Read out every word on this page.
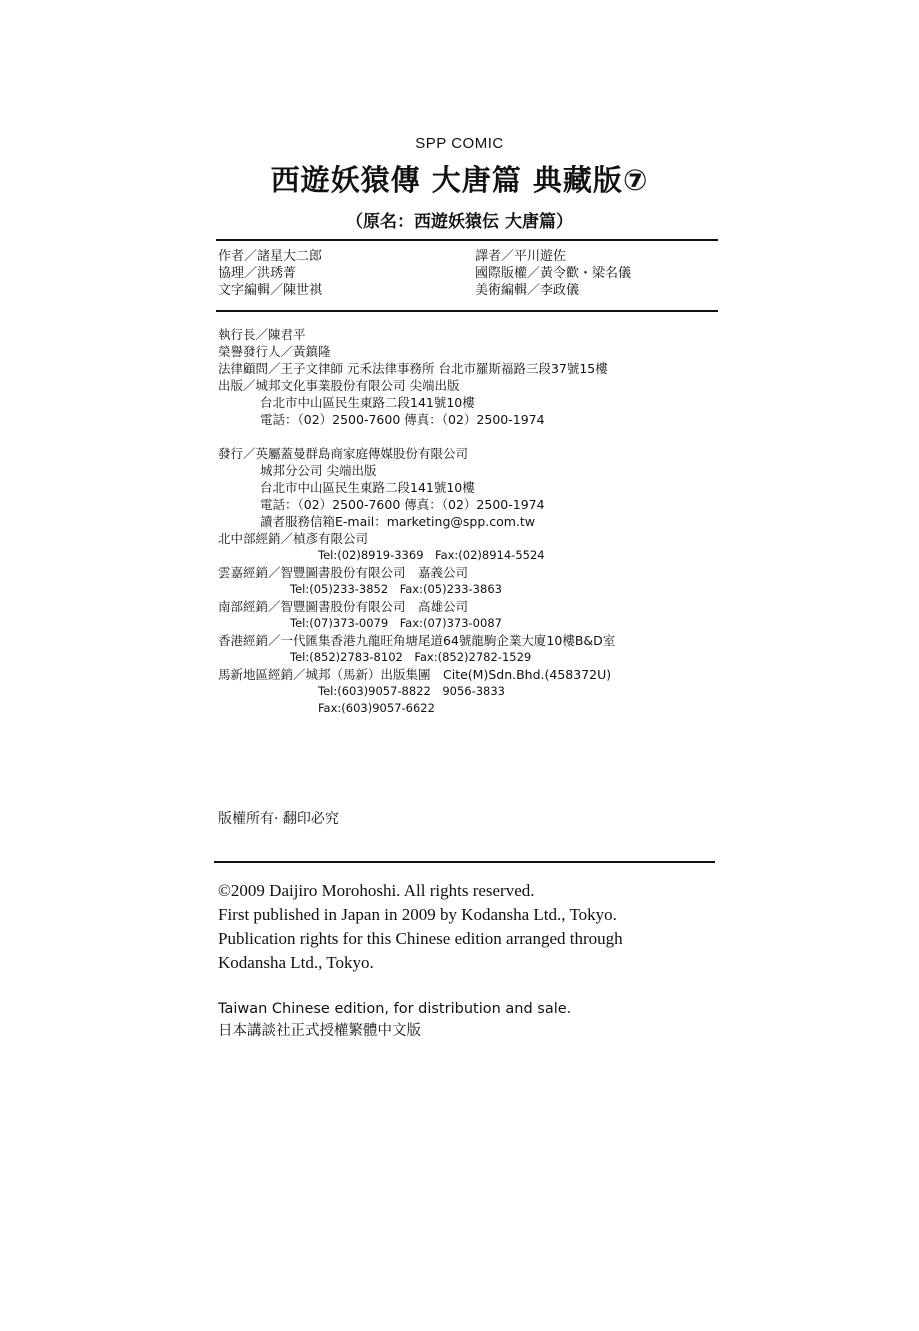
SPP COMIC
西遊妖猿傳 大唐篇 典藏版⑦
（原名：西遊妖猿伝 大唐篇）
作者／諸星大二郎	譯者／平川遊佐
協理／洪琇菁	國際版權／黃令歡・梁名儀
文字編輯／陳世祺	美術編輯／李政儀
執行長／陳君平
榮譽發行人／黃鎮隆
法律顧問／王子文律師 元禾法律事務所 台北市羅斯福路三段37號15樓
出版／城邦文化事業股份有限公司 尖端出版
台北市中山區民生東路二段141號10樓
電話：（02）2500-7600 傳真：（02）2500-1974
發行／英屬蓋曼群島商家庭傳媒股份有限公司
城邦分公司 尖端出版
台北市中山區民生東路二段141號10樓
電話：（02）2500-7600 傳真：（02）2500-1974
讀者服務信箱E-mail：marketing@spp.com.tw
北中部經銷／楨彥有限公司
Tel:(02)8919-3369　Fax:(02)8914-5524
雲嘉經銷／智豐圖書股份有限公司　嘉義公司
Tel:(05)233-3852　Fax:(05)233-3863
南部經銷／智豐圖書股份有限公司　高雄公司
Tel:(07)373-0079　Fax:(07)373-0087
香港經銷／一代匯集香港九龍旺角塘尾道64號龍駒企業大廈10樓B&D室
Tel:(852)2783-8102　Fax:(852)2782-1529
馬新地區經銷／城邦（馬新）出版集團　Cite(M)Sdn.Bhd.(458372U)
Tel:(603)9057-8822　9056-3833
Fax:(603)9057-6622
版權所有· 翻印必究
©2009 Daijiro Morohoshi. All rights reserved.
First published in Japan in 2009 by Kodansha Ltd., Tokyo.
Publication rights for this Chinese edition arranged through
Kodansha Ltd., Tokyo.
Taiwan Chinese edition, for distribution and sale.
日本講談社正式授權繁體中文版
